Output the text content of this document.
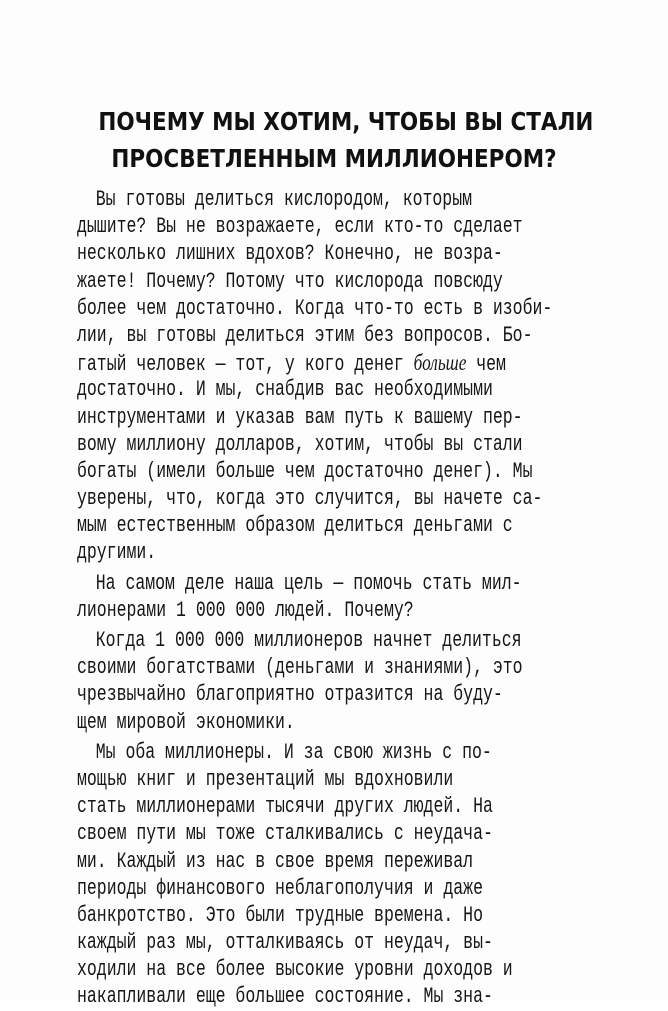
ПОЧЕМУ МЫ ХОТИМ, ЧТОБЫ ВЫ СТАЛИ
ПРОСВЕТЛЕННЫМ МИЛЛИОНЕРОМ?
Вы готовы делиться кислородом, которым
дышите? Вы не возражаете, если кто-то сделает
несколько лишних вдохов? Конечно, не возра-
жаете! Почему? Потому что кислорода повсюду
более чем достаточно. Когда что-то есть в изоби-
лии, вы готовы делиться этим без вопросов. Бо-
гатый человек — тот, у кого денег больше чем
достаточно. И мы, снабдив вас необходимыми
инструментами и указав вам путь к вашему пер-
вому миллиону долларов, хотим, чтобы вы стали
богаты (имели больше чем достаточно денег). Мы
уверены, что, когда это случится, вы начете са-
мым естественным образом делиться деньгами с
другими.
На самом деле наша цель — помочь стать мил-
лионерами 1 000 000 людей. Почему?
Когда 1 000 000 миллионеров начнет делиться
своими богатствами (деньгами и знаниями), это
чрезвычайно благоприятно отразится на буду-
щем мировой экономики.
Мы оба миллионеры. И за свою жизнь с по-
мощью книг и презентаций мы вдохновили
стать миллионерами тысячи других людей. На
своем пути мы тоже сталкивались с неудача-
ми. Каждый из нас в свое время переживал
периоды финансового неблагополучия и даже
банкротство. Это были трудные времена. Но
каждый раз мы, отталкиваясь от неудач, вы-
ходили на все более высокие уровни доходов и
накапливали еще большее состояние. Мы зна-
